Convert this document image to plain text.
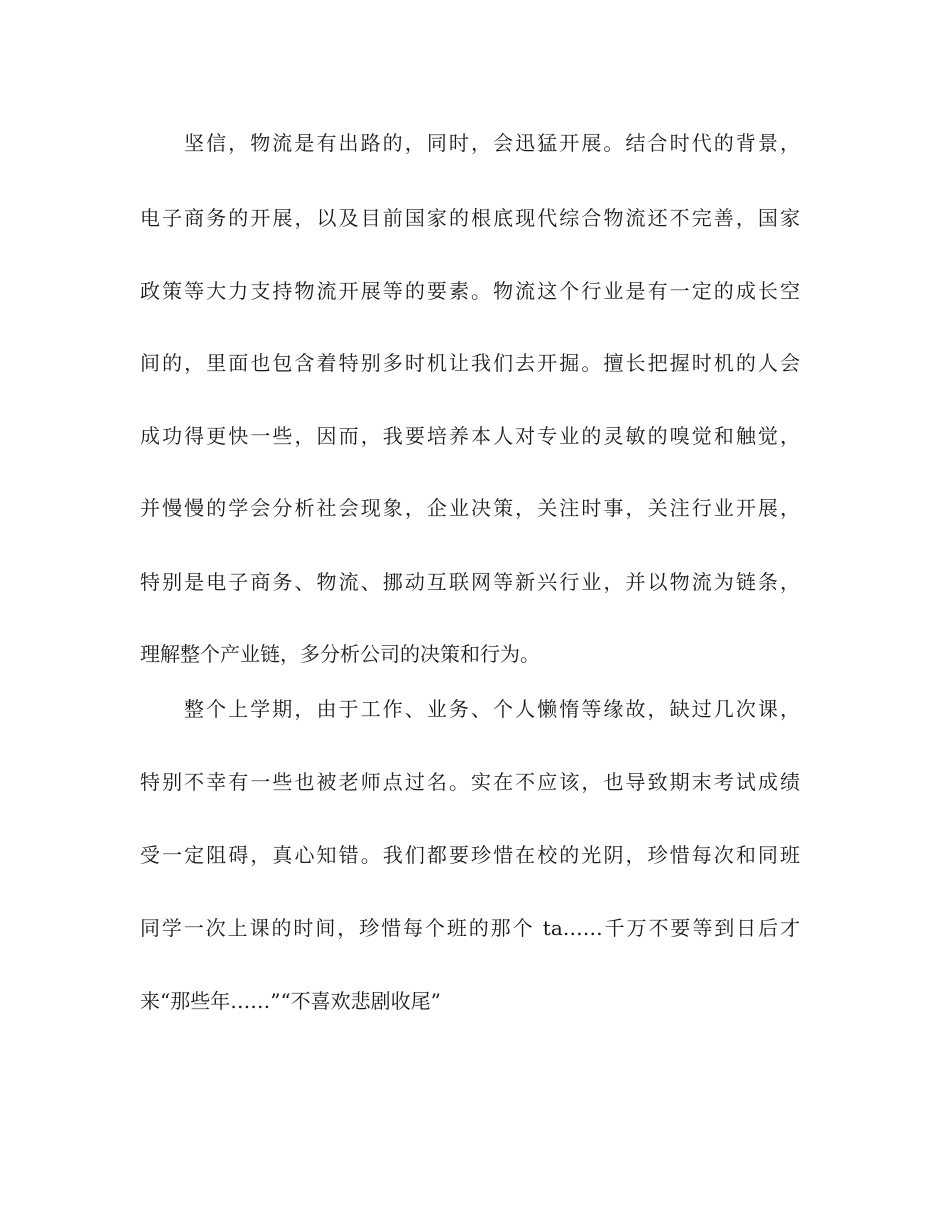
坚信，物流是有出路的，同时，会迅猛开展。结合时代的背景，

电子商务的开展，以及目前国家的根底现代综合物流还不完善，国家

政策等大力支持物流开展等的要素。物流这个行业是有一定的成长空

间的，里面也包含着特别多时机让我们去开掘。擅长把握时机的人会

成功得更快一些，因而，我要培养本人对专业的灵敏的嗅觉和触觉，

并慢慢的学会分析社会现象，企业决策，关注时事，关注行业开展，

特别是电子商务、物流、挪动互联网等新兴行业，并以物流为链条，

理解整个产业链，多分析公司的决策和行为。

整个上学期，由于工作、业务、个人懒惰等缘故，缺过几次课，

特别不幸有一些也被老师点过名。实在不应该，也导致期末考试成绩

受一定阻碍，真心知错。我们都要珍惜在校的光阴，珍惜每次和同班

同学一次上课的时间，珍惜每个班的那个 ta……千万不要等到日后才

来“那些年……”“不喜欢悲剧收尾”
